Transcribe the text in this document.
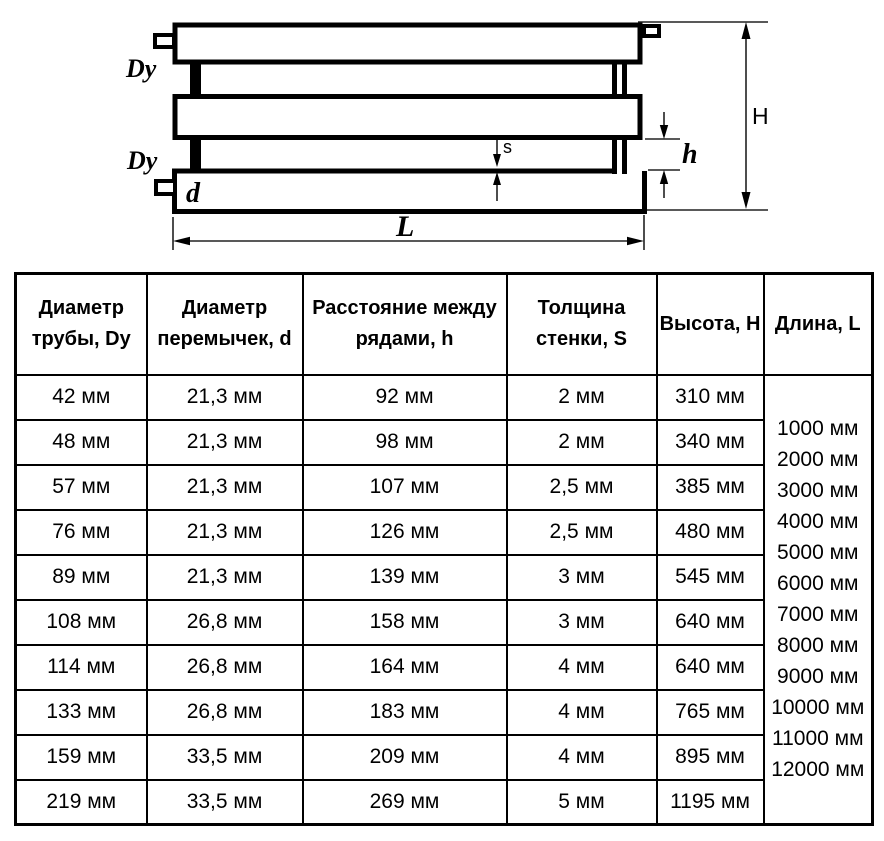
H
h
s
L
Dy
Dy
d
Диаметр трубы, Dy	Диаметр перемычек, d	Расстояние между рядами, h	Толщина стенки, S	Высота, H	Длина, L
42 мм	21,3 мм	92 мм	2 мм	310 мм	
1000 мм
2000 мм
3000 мм
4000 мм
5000 мм
6000 мм
7000 мм
8000 мм
9000 мм
10000 мм
11000 мм
12000 мм

48 мм	21,3 мм	98 мм	2 мм	340 мм	
57 мм	21,3 мм	107 мм	2,5 мм	385 мм	
76 мм	21,3 мм	126 мм	2,5 мм	480 мм	
89 мм	21,3 мм	139 мм	3 мм	545 мм	
108 мм	26,8 мм	158 мм	3 мм	640 мм	
114 мм	26,8 мм	164 мм	4 мм	640 мм	
133 мм	26,8 мм	183 мм	4 мм	765 мм	
159 мм	33,5 мм	209 мм	4 мм	895 мм	
219 мм	33,5 мм	269 мм	5 мм	1195 мм	
